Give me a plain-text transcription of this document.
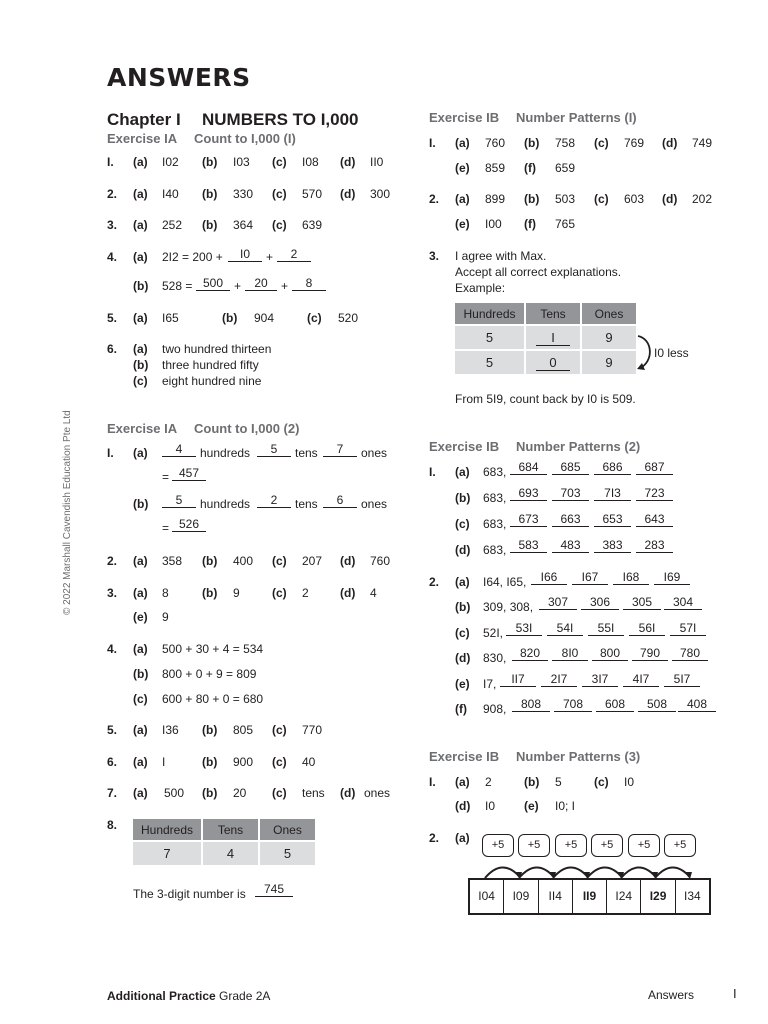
ANSWERS
Chapter I NUMBERS TO I,000
Exercise IA Count to I,000 (I)
I. (a) I02 (b) I03 (c) I08 (d) II0
2. (a) I40 (b) 330 (c) 570 (d) 300
3. (a) 252 (b) 364 (c) 639
4. (a) 2I2 = 200 +	I0	+	2
(b) 528 = 500 +	20	+	8
5. (a) I65	(b) 904	(c) 520
6. (a) two hundred thirteen
(b) three hundred fifty
(c) eight hundred nine
Exercise IA Count to I,000 (2)
I. (a)	4	hundreds	5	tens	7	ones
= 457
(b)	5	hundreds	2	tens	6	ones
= 526
2. (a) 358 (b) 400 (c) 207 (d) 760
3. (a) 8	(b) 9	(c) 2	(d) 4
(e) 9
4. (a) 500 + 30 + 4 = 534
(b) 800 + 0 + 9 = 809
(c) 600 + 80 + 0 = 680
5. (a) I36 (b) 805 (c) 770
6. (a) I	(b) 900 (c) 40
7. (a) 500 (b) 20 (c) tens (d) ones
8. Hundreds	Tens	Ones
7	4	5
The 3-digit number is	745
© 2022 Marshall Cavendish Education Pte Ltd
Exercise IB Number Patterns (I)
I. (a) 760 (b) 758 (c) 769 (d) 749
(e) 859 (f) 659
2. (a) 899 (b) 503 (c) 603 (d) 202
(e) I00 (f) 765
3. I agree with Max.
Accept all correct explanations.
Example:
Hundreds	Tens	Ones
5	I	9
5	0	9
I0 less
From 5I9, count back by I0 is 509.
Exercise IB Number Patterns (2)
I. (a) 683,	684	685	686	687
(b) 683,	693	703	7I3	723
(c) 683,	673	663	653	643
(d) 683,	583	483	383	283
2. (a) I64, I65,	I66	I67	I68	I69
(b) 309, 308,	307	306	305	304
(c) 52I,	53I	54I	55I	56I	57I
(d) 830,	820	8I0	800	790	780
(e) I7,	II7	2I7	3I7	4I7	5I7
(f) 908,	808	708	608	508	408
Exercise IB Number Patterns (3)
I. (a) 2	(b) 5	(c) I0
(d) I0 (e) I0; I
2. (a)	+5	+5	+5	+5	+5	+5
I04	I09	II4	II9	I24	I29	I34
Additional Practice Grade 2A	Answers	I
